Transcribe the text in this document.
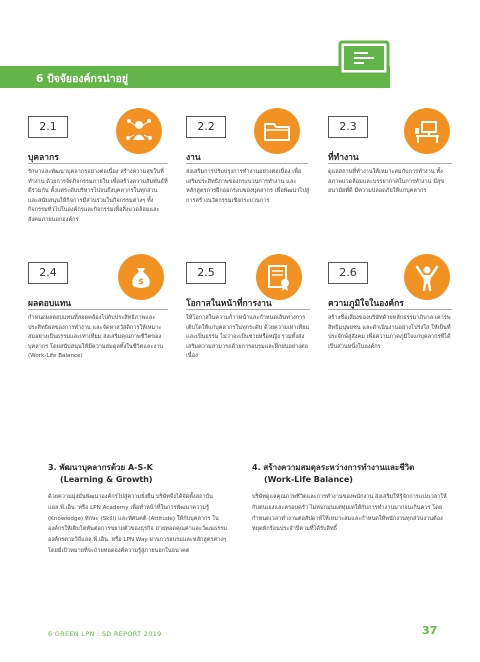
6 ปัจจัยองค์กรน่าอยู่
2.1
บุคลากร

รักษาและพัฒนาบุคลากรอย่างต่อเนื่อง สร้างความสุขในที่ทำงาน ด้วยการจัดกิจกรรมภายใน เพื่อสร้างความสัมพันธ์ที่ดีร่วมกัน ตั้งแต่ระดับบริหารไปจนถึงบุคลากรในทุกส่วน และสนับสนุนให้กิจการมีส่วนร่วมในกิจกรรมต่างๆ ทั้งกิจกรรมทั่วไปในองค์กรและกิจกรรมเพื่อสิ่งแวดล้อมและสังคมภายนอกองค์กร

2.2
งาน

ส่งเสริมการปรับปรุงการทำงานอย่างต่อเนื่อง เพื่อเสริมประสิทธิภาพของกระบวนการทำงาน และหลักสูตรการฝึกออกรอบของบุคลากร เพื่อพัฒนาไปสู่การสร้างนวัตกรรมเชิงกระบวนการ

2.3
ที่ทำงาน

ดูแลสถานที่ทำงานให้เหมาะสมกับการทำงาน ทั้งสภาพแวดล้อมและบรรยากาศในการทำงาน มีสุขอนามัยที่ดี มีความปลอดภัยให้แก่บุคลากร

2.4
$
ผลตอบแทน

กำหนดผลตอบแทนที่สอดคล้องไปกับประสิทธิภาพและประสิทธิผลของการทำงาน และจัดหาสวัสดิการให้เหมาะสมอย่างเป็นธรรมและเท่าเทียม ส่งเสริมคุณภาพชีวิตของบุคลากร โดยสนับสนุนให้มีความสมดุลทั้งในชีวิตและงาน (Work-Life Balance)

2.5
โอกาสในหน้าที่การงาน

ให้โอกาสในความก้าวหน้าและกำหนดเส้นทางการเติบโตให้แก่บุคลากรในทุกระดับ ด้วยความเท่าเทียมและเป็นธรรม ไม่ว่าจะเป็นชายหรือหญิง รวมทั้งส่งเสริมความสามารถด้วยการอบรมและฝึกฝนอย่างต่อเนื่อง

2.6
ความภูมิใจในองค์กร

สร้างชื่อเสียงของบริษัทด้วยหลักธรรมาภิบาล เคารพสิทธิมนุษยชน และดำเนินงานอย่างโปร่งใส ให้เป็นที่ประจักษ์สู่สังคม เพื่อความภาคภูมิใจแก่บุคลากรที่ได้เป็นส่วนหนึ่งในองค์กร

3. พัฒนาบุคลากรด้วย A-S-K
(Learning & Growth)

ด้วยความมุ่งมั่นพัฒนาองค์กรไปสู่ความยั่งยืน บริษัทจึงได้จัดตั้งสถาบัน แอล.พี.เอ็น. หรือ LPN Academy เพื่อทำหน้าที่ในการพัฒนาความรู้ (Knowledge) ทักษะ (Skill) และทัศนคติ (Attitude) ให้กับบุคลากร ในองค์กรให้เติบโตทันต่อการขยายตัวของธุรกิจ ถ่ายทอดคุณค่าและวัฒนธรรมองค์กรตามวิถีแอล.พี.เอ็น. หรือ LPN Way ผ่านการอบรมและหลักสูตรต่างๆ โดยมีเป้าหมายที่จะถ่ายทอดองค์ความรู้สู่ภายนอกในอนาคต

4. สร้างความสมดุลระหว่างการทำงานและชีวิต
(Work-Life Balance)

บริษัทดูแลคุณภาพชีวิตและการทำงานของพนักงาน ส่งเสริมให้รู้จักการแบ่งเวลาให้กับตนเองและครอบครัว ไม่หมกมุ่นแต่ทุ่มเทให้กับการทำงานมากจนเกินควร โดยกำหนดเวลาทำงานต่อสัปดาห์ให้เหมาะสมและกำหนดให้พนักงานทุกส่วนงานต้องหยุดพักร้อนประจำปีตามที่ได้รับสิทธิ์

6 GREEN LPN : SD REPORT 2019	37
